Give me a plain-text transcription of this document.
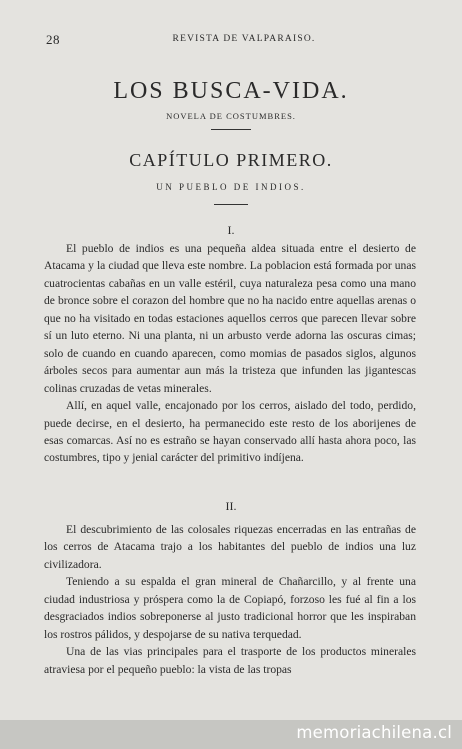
28	REVISTA DE VALPARAISO.
LOS BUSCA-VIDA.
NOVELA DE COSTUMBRES.
CAPÍTULO PRIMERO.
UN PUEBLO DE INDIOS.
I.

El pueblo de indios es una pequeña aldea situada entre el desierto de Atacama y la ciudad que lleva este nombre. La poblacion está formada por unas cuatrocientas cabañas en un valle estéril, cuya naturaleza pesa como una mano de bronce sobre el corazon del hombre que no ha nacido entre aquellas arenas o que no ha visitado en todas estaciones aquellos cerros que parecen llevar sobre sí un luto eterno. Ni una planta, ni un arbusto verde adorna las oscuras cimas; solo de cuando en cuando aparecen, como momias de pasados siglos, algunos árboles secos para aumentar aun más la tristeza que infunden las jigantescas colinas cruzadas de vetas minerales.

Allí, en aquel valle, encajonado por los cerros, aislado del todo, perdido, puede decirse, en el desierto, ha permanecido este resto de los aborijenes de esas comarcas. Así no es estraño se hayan conservado allí hasta ahora poco, las costumbres, tipo y jenial carácter del primitivo indíjena.

II.

El descubrimiento de las colosales riquezas encerradas en las entrañas de los cerros de Atacama trajo a los habitantes del pueblo de indios una luz civilizadora.

Teniendo a su espalda el gran mineral de Chañarcillo, y al frente una ciudad industriosa y próspera como la de Copiapó, forzoso les fué al fin a los desgraciados indios sobreponerse al justo tradicional horror que les inspiraban los rostros pálidos, y despojarse de su nativa terquedad.

Una de las vias principales para el trasporte de los productos minerales atraviesa por el pequeño pueblo: la vista de las tropas

memoriachilena.cl
